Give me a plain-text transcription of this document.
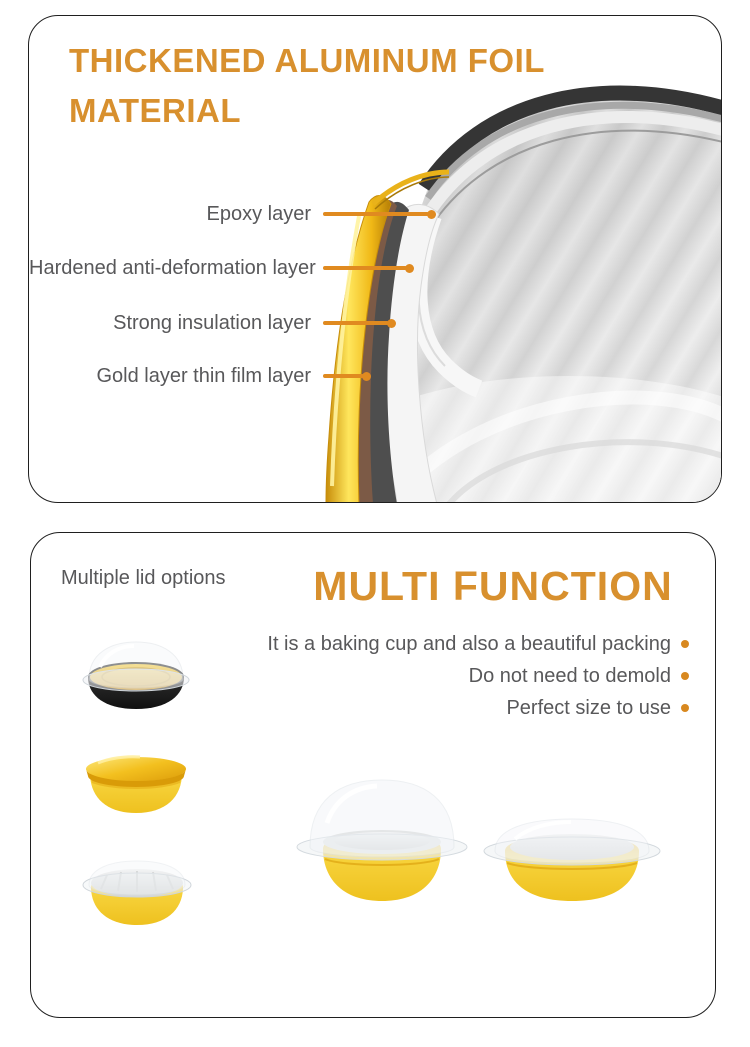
THICKENED ALUMINUM FOIL MATERIAL
Epoxy layer
Hardened anti-deformation layer
Strong insulation layer
Gold layer thin film layer
Multiple lid options	MULTI FUNCTION
It is a baking cup and also a beautiful packing
Do not need to demold
Perfect size to use
